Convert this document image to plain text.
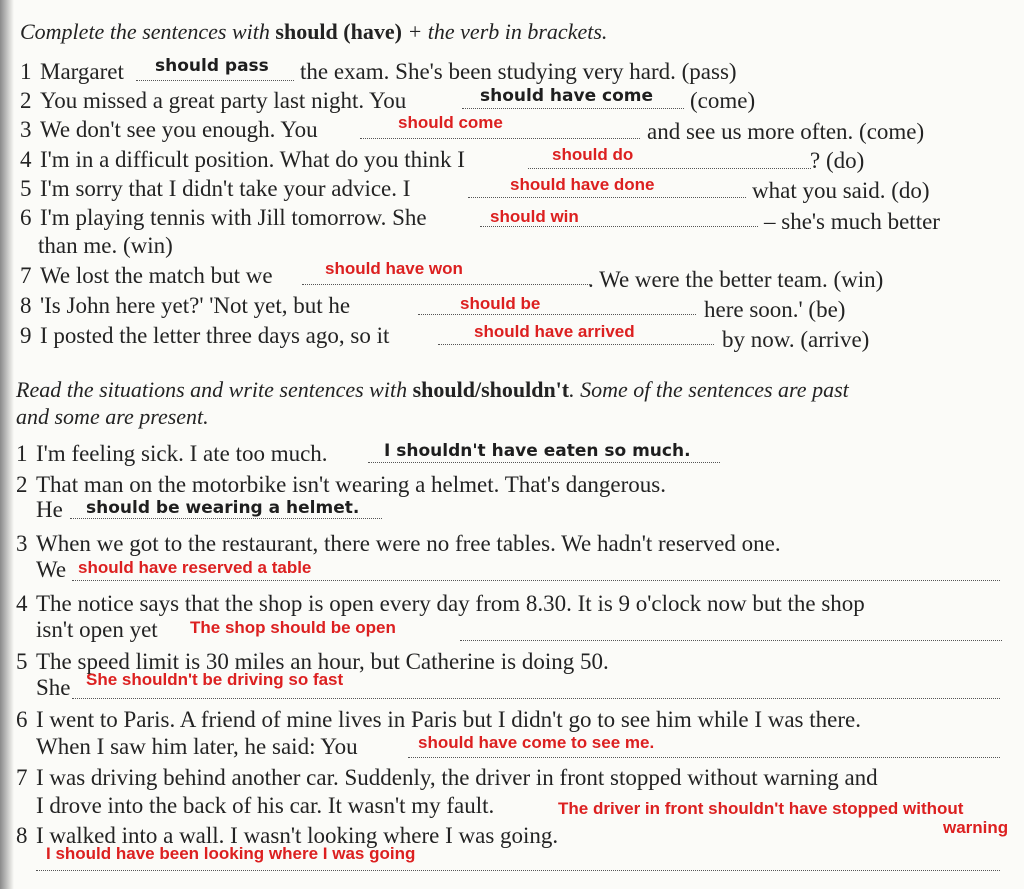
Complete the sentences with should (have) + the verb in brackets.
1 Margaret should pass the exam. She's been studying very hard. (pass)
2 You missed a great party last night. You	should have come (come)
3 We don't see you enough. You	should come	and see us more often. (come)
4 I'm in a difficult position. What do you think I	should do	? (do)
5 I'm sorry that I didn't take your advice. I	should have done	what you said. (do)
6 I'm playing tennis with Jill tomorrow. She	should win	– she's much better
than me. (win)
7 We lost the match but we	should have won	. We were the better team. (win)
8 'Is John here yet?' 'Not yet, but he	should be	here soon.' (be)
9 I posted the letter three days ago, so it	should have arrived	by now. (arrive)
Read the situations and write sentences with should/shouldn't. Some of the sentences are past
and some are present.
1 I'm feeling sick. I ate too much.	I shouldn't have eaten so much.
2 That man on the motorbike isn't wearing a helmet. That's dangerous.
He should be wearing a helmet.
3 When we got to the restaurant, there were no free tables. We hadn't reserved one.
We should have reserved a table
4 The notice says that the shop is open every day from 8.30. It is 9 o'clock now but the shop
isn't open yet The shop should be open
5 The speed limit is 30 miles an hour, but Catherine is doing 50.
She She shouldn't be driving so fast
6 I went to Paris. A friend of mine lives in Paris but I didn't go to see him while I was there.
When I saw him later, he said: You	should have come to see me.
7 I was driving behind another car. Suddenly, the driver in front stopped without warning and
I drove into the back of his car. It wasn't my fault.	The driver in front shouldn't have stopped without
warning
8 I walked into a wall. I wasn't looking where I was going.
I should have been looking where I was going
